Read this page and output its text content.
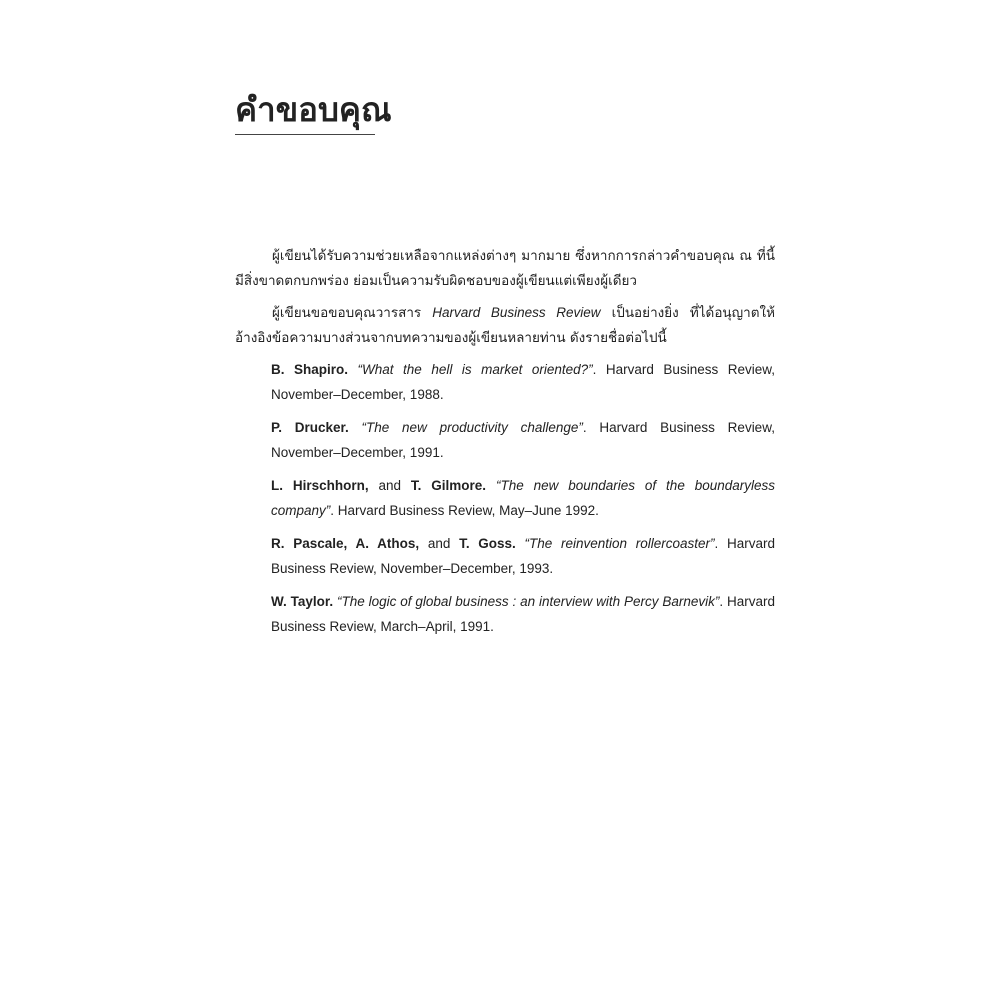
คำขอบคุณ

ผู้เขียนได้รับความช่วยเหลือจากแหล่งต่างๆ มากมาย ซึ่งหากการกล่าวคำขอบคุณ ณ ที่นี้มีสิ่งขาดตกบกพร่อง ย่อมเป็นความรับผิดชอบของผู้เขียนแต่เพียงผู้เดียว

ผู้เขียนขอขอบคุณวารสาร Harvard Business Review เป็นอย่างยิ่ง ที่ได้อนุญาตให้อ้างอิงข้อความบางส่วนจากบทความของผู้เขียนหลายท่าน ดังรายชื่อต่อไปนี้

B. Shapiro. “What the hell is market oriented?”. Harvard Business Review, November–December, 1988.

P. Drucker. “The new productivity challenge”. Harvard Business Review, November–December, 1991.

L. Hirschhorn, and T. Gilmore. “The new boundaries of the boundaryless company”. Harvard Business Review, May–June 1992.

R. Pascale, A. Athos, and T. Goss. “The reinvention rollercoaster”. Harvard Business Review, November–December, 1993.

W. Taylor. “The logic of global business : an interview with Percy Barnevik”. Harvard Business Review, March–April, 1991.
